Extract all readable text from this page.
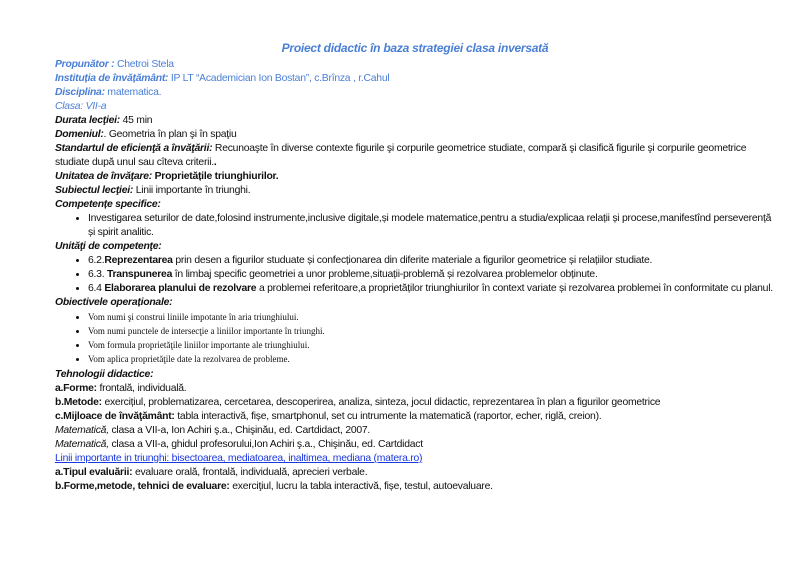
Proiect didactic în baza strategiei clasa inversată
Propunător : Chetroi Stela
Instituția de învățământ: IP LT “Academician Ion Bostan”, c.Brînza , r.Cahul
Disciplina: matematica.
Clasa: VII-a
Durata lecţiei: 45 min
Domeniul:. Geometria în plan şi în spaţiu
Standartul de eficienţă a învăţării: Recunoaşte în diverse contexte figurile şi corpurile geometrice studiate, compară şi clasifică figurile şi corpurile geometrice studiate după unul sau cîteva criterii..
Unitatea de învăţare: Proprietățile triunghiurilor.
Subiectul lecţiei: Linii importante în triunghi.
Competențe specifice:
• Investigarea seturilor de date,folosind instrumente,inclusive digitale,și modele matematice,pentru a studia/explicaa relații și procese,manifestînd perseverență și spirit analitic.
Unităţi de competenţe:
• 6.2.Reprezentarea prin desen a figurilor studuate și confecționarea din diferite materiale a figurilor geometrice și relațiilor studiate.
• 6.3. Transpunerea în limbaj specific geometriei a unor probleme,situații-problemă și rezolvarea problemelor obținute.
• 6.4 Elaborarea planului de rezolvare a problemei referitoare,a proprietăților triunghiurilor în context variate și rezolvarea problemei în conformitate cu planul.
Obiectivele operaționale:
• Vom numi şi construi liniile impotante în aria triunghiului.
• Vom numi punctele de intersecţie a liniilor importante în triunghi.
• Vom formula proprietăţile liniilor importante ale triunghiului.
• Vom aplica proprietăţile date la rezolvarea de probleme.
Tehnologii didactice:
a.Forme: frontală, individuală.
b.Metode: exercițiul, problematizarea, cercetarea, descoperirea, analiza, sinteza, jocul didactic, reprezentarea în plan a figurilor geometrice
c.Mijloace de învăţământ: tabla interactivă, fișe, smartphonul, set cu intrumente la matematică (raportor, echer, riglă, creion).
Matematică, clasa a VII-a, Ion Achiri ş.a., Chişinău, ed. Cartdidact, 2007.
Matematică, clasa a VII-a, ghidul profesorului,Ion Achiri ş.a., Chişinău, ed. Cartdidact
Linii importante in triunghi: bisectoarea, mediatoarea, inaltimea, mediana (matera.ro)
a.Tipul evaluării: evaluare orală, frontală, individuală, aprecieri verbale.
b.Forme,metode, tehnici de evaluare: exerciţiul, lucru la tabla interactivă, fișe, testul, autoevaluare.
